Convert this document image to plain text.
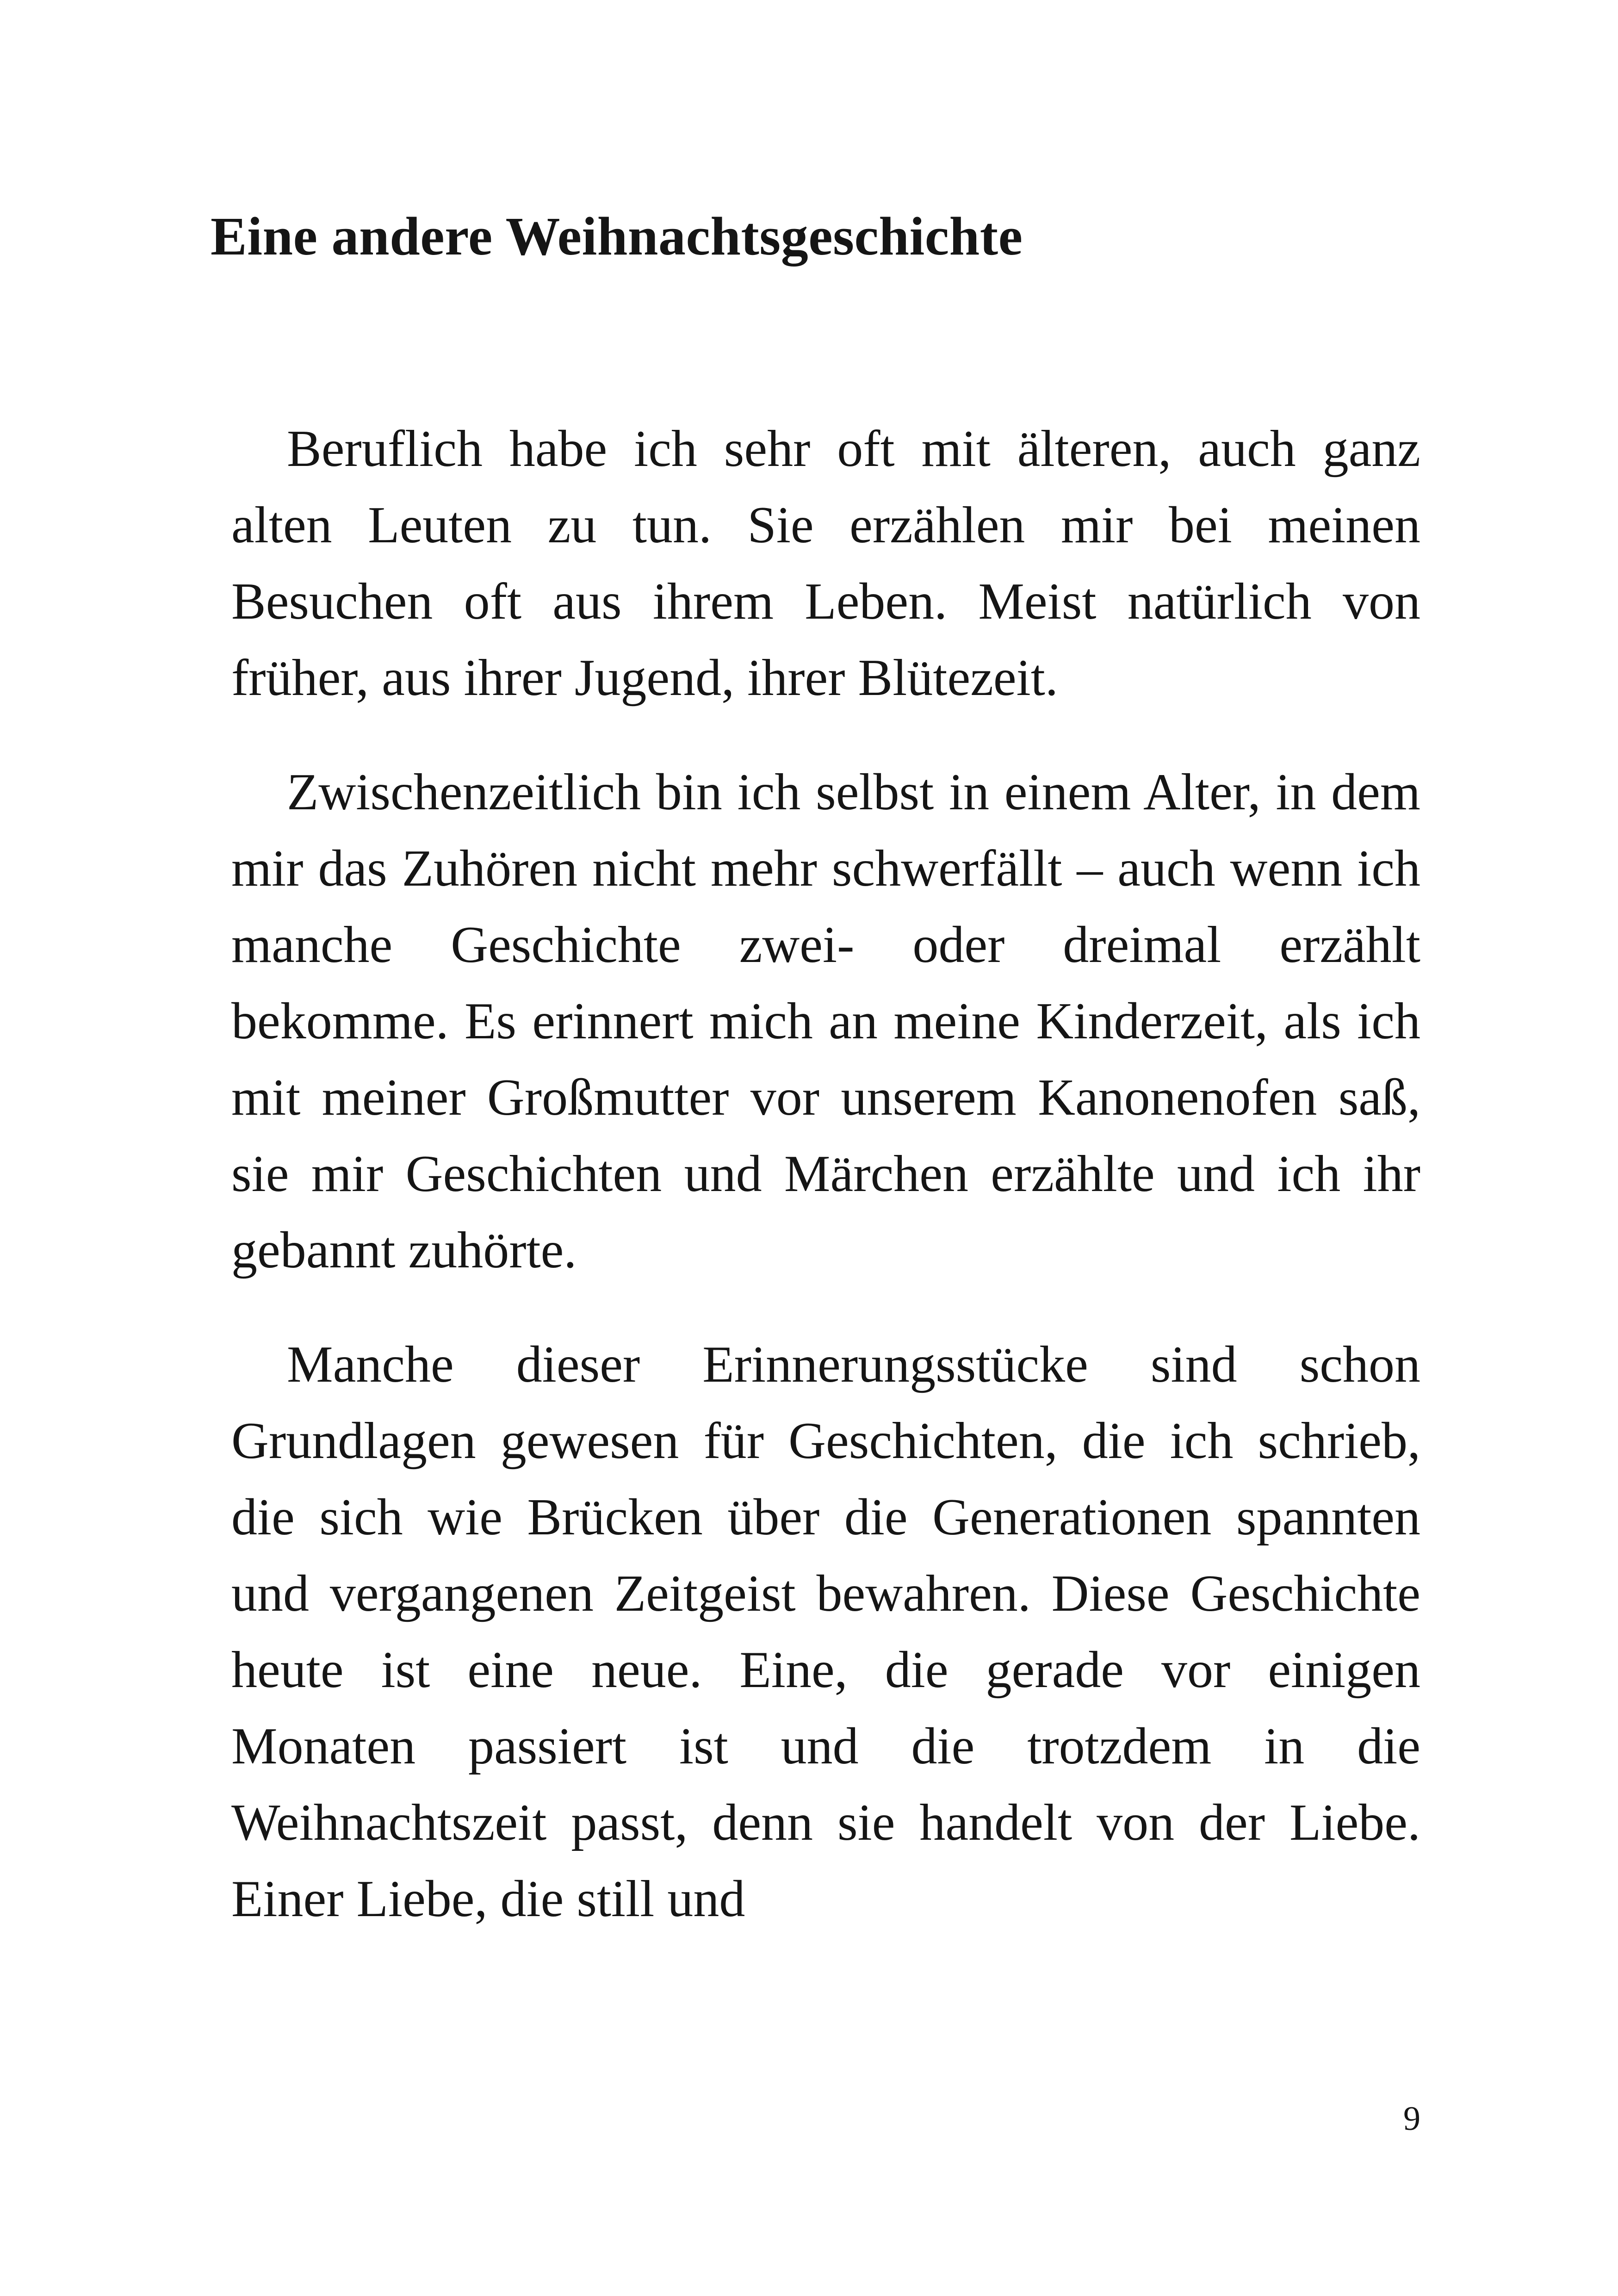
Eine andere Weihnachtsgeschichte

Beruflich habe ich sehr oft mit älteren, auch ganz alten Leuten zu tun. Sie erzählen mir bei meinen Besuchen oft aus ihrem Leben. Meist natürlich von früher, aus ihrer Jugend, ihrer Blütezeit.

Zwischenzeitlich bin ich selbst in einem Alter, in dem mir das Zuhören nicht mehr schwerfällt – auch wenn ich manche Geschichte zwei- oder dreimal erzählt bekomme. Es erinnert mich an meine Kinderzeit, als ich mit meiner Großmutter vor unserem Kanonenofen saß, sie mir Geschichten und Märchen erzählte und ich ihr gebannt zuhörte.

Manche dieser Erinnerungsstücke sind schon Grundlagen gewesen für Geschichten, die ich schrieb, die sich wie Brücken über die Generationen spannten und vergangenen Zeitgeist bewahren. Diese Geschichte heute ist eine neue. Eine, die gerade vor einigen Monaten passiert ist und die trotzdem in die Weihnachtszeit passt, denn sie handelt von der Liebe. Einer Liebe, die still und

9
